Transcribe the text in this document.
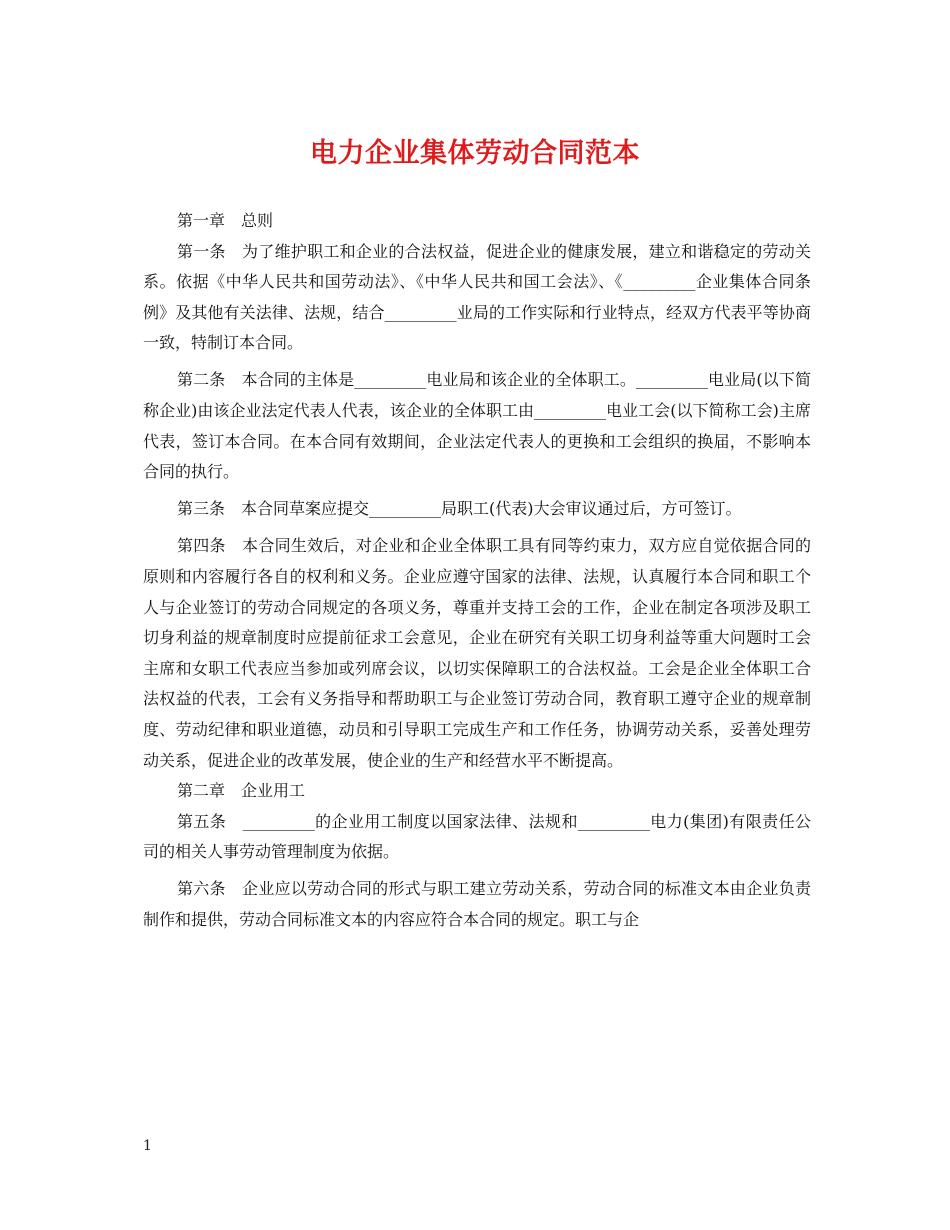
电力企业集体劳动合同范本

第一章　总则

第一条　为了维护职工和企业的合法权益，促进企业的健康发展，建立和谐稳定的劳动关系。依据《中华人民共和国劳动法》、《中华人民共和国工会法》、《_________企业集体合同条例》及其他有关法律、法规，结合_________业局的工作实际和行业特点，经双方代表平等协商一致，特制订本合同。

第二条　本合同的主体是_________电业局和该企业的全体职工。_________电业局(以下简称企业)由该企业法定代表人代表，该企业的全体职工由_________电业工会(以下简称工会)主席代表，签订本合同。在本合同有效期间，企业法定代表人的更换和工会组织的换届，不影响本合同的执行。

第三条　本合同草案应提交_________局职工(代表)大会审议通过后，方可签订。

第四条　本合同生效后，对企业和企业全体职工具有同等约束力，双方应自觉依据合同的原则和内容履行各自的权利和义务。企业应遵守国家的法律、法规，认真履行本合同和职工个人与企业签订的劳动合同规定的各项义务，尊重并支持工会的工作，企业在制定各项涉及职工切身利益的规章制度时应提前征求工会意见，企业在研究有关职工切身利益等重大问题时工会主席和女职工代表应当参加或列席会议，以切实保障职工的合法权益。工会是企业全体职工合法权益的代表，工会有义务指导和帮助职工与企业签订劳动合同，教育职工遵守企业的规章制度、劳动纪律和职业道德，动员和引导职工完成生产和工作任务，协调劳动关系，妥善处理劳动关系，促进企业的改革发展，使企业的生产和经营水平不断提高。

第二章　企业用工

第五条　_________的企业用工制度以国家法律、法规和_________电力(集团)有限责任公司的相关人事劳动管理制度为依据。

第六条　企业应以劳动合同的形式与职工建立劳动关系，劳动合同的标准文本由企业负责制作和提供，劳动合同标准文本的内容应符合本合同的规定。职工与企

1
